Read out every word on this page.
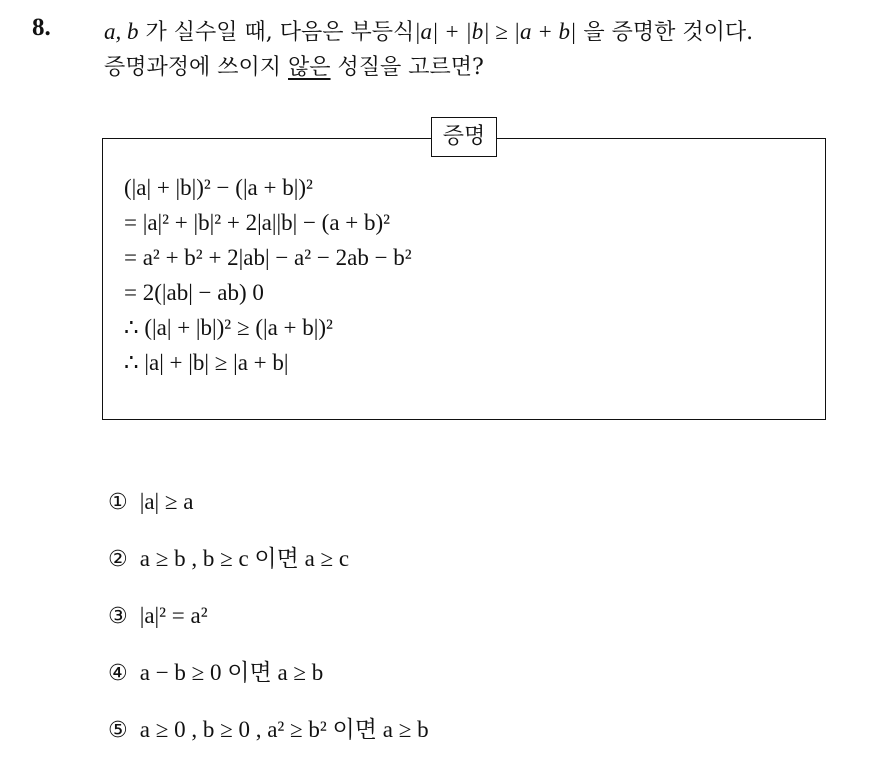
8. a, b 가 실수일 때, 다음은 부등식|a| + |b| ≥ |a + b| 을 증명한 것이다.
증명과정에 쓰이지 않은 성질을 고르면?
증명
(|a| + |b|)² − (|a + b|)²
= |a|² + |b|² + 2|a||b| − (a + b)²
= a² + b² + 2|ab| − a² − 2ab − b²
= 2(|ab| − ab) 0
∴ (|a| + |b|)² ≥ (|a + b|)²
∴ |a| + |b| ≥ |a + b|
① |a| ≥ a
② a ≥ b , b ≥ c 이면 a ≥ c
③ |a|² = a²
④ a − b ≥ 0 이면 a ≥ b
⑤ a ≥ 0 , b ≥ 0 , a² ≥ b² 이면 a ≥ b
